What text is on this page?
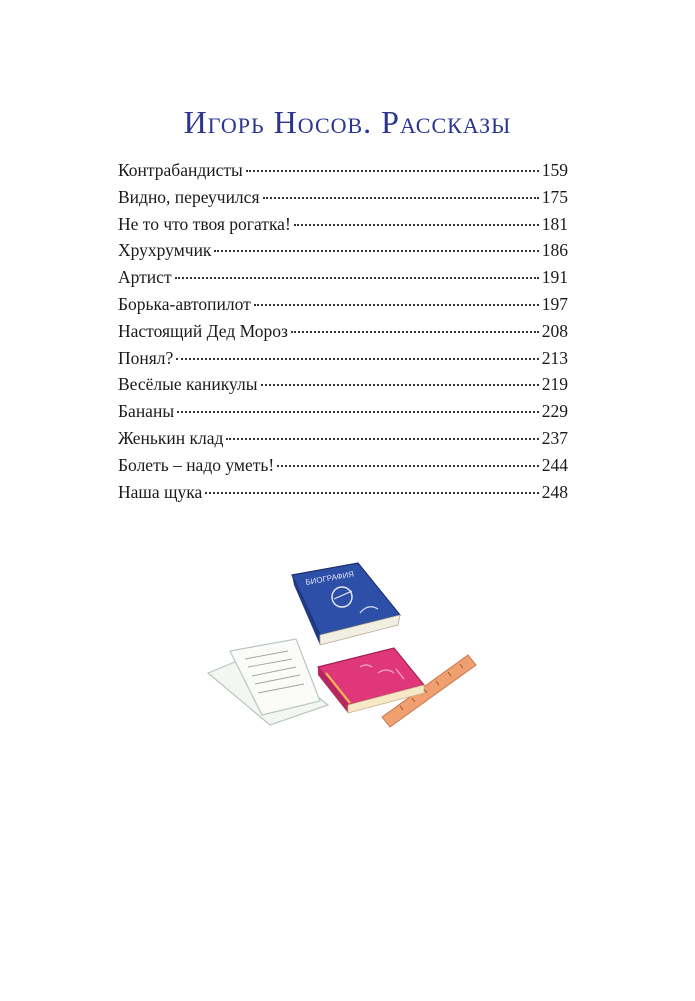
Игорь Носов. Рассказы
Контрабандисты	159
Видно, переучился	175
Не то что твоя рогатка!	181
Хрухрумчик	186
Артист	191
Борька-автопилот	197
Настоящий Дед Мороз	208
Понял?	213
Весёлые каникулы	219
Бананы	229
Женькин клад	237
Болеть – надо уметь!	244
Наша щука	248
БИОГРАФИЯ
